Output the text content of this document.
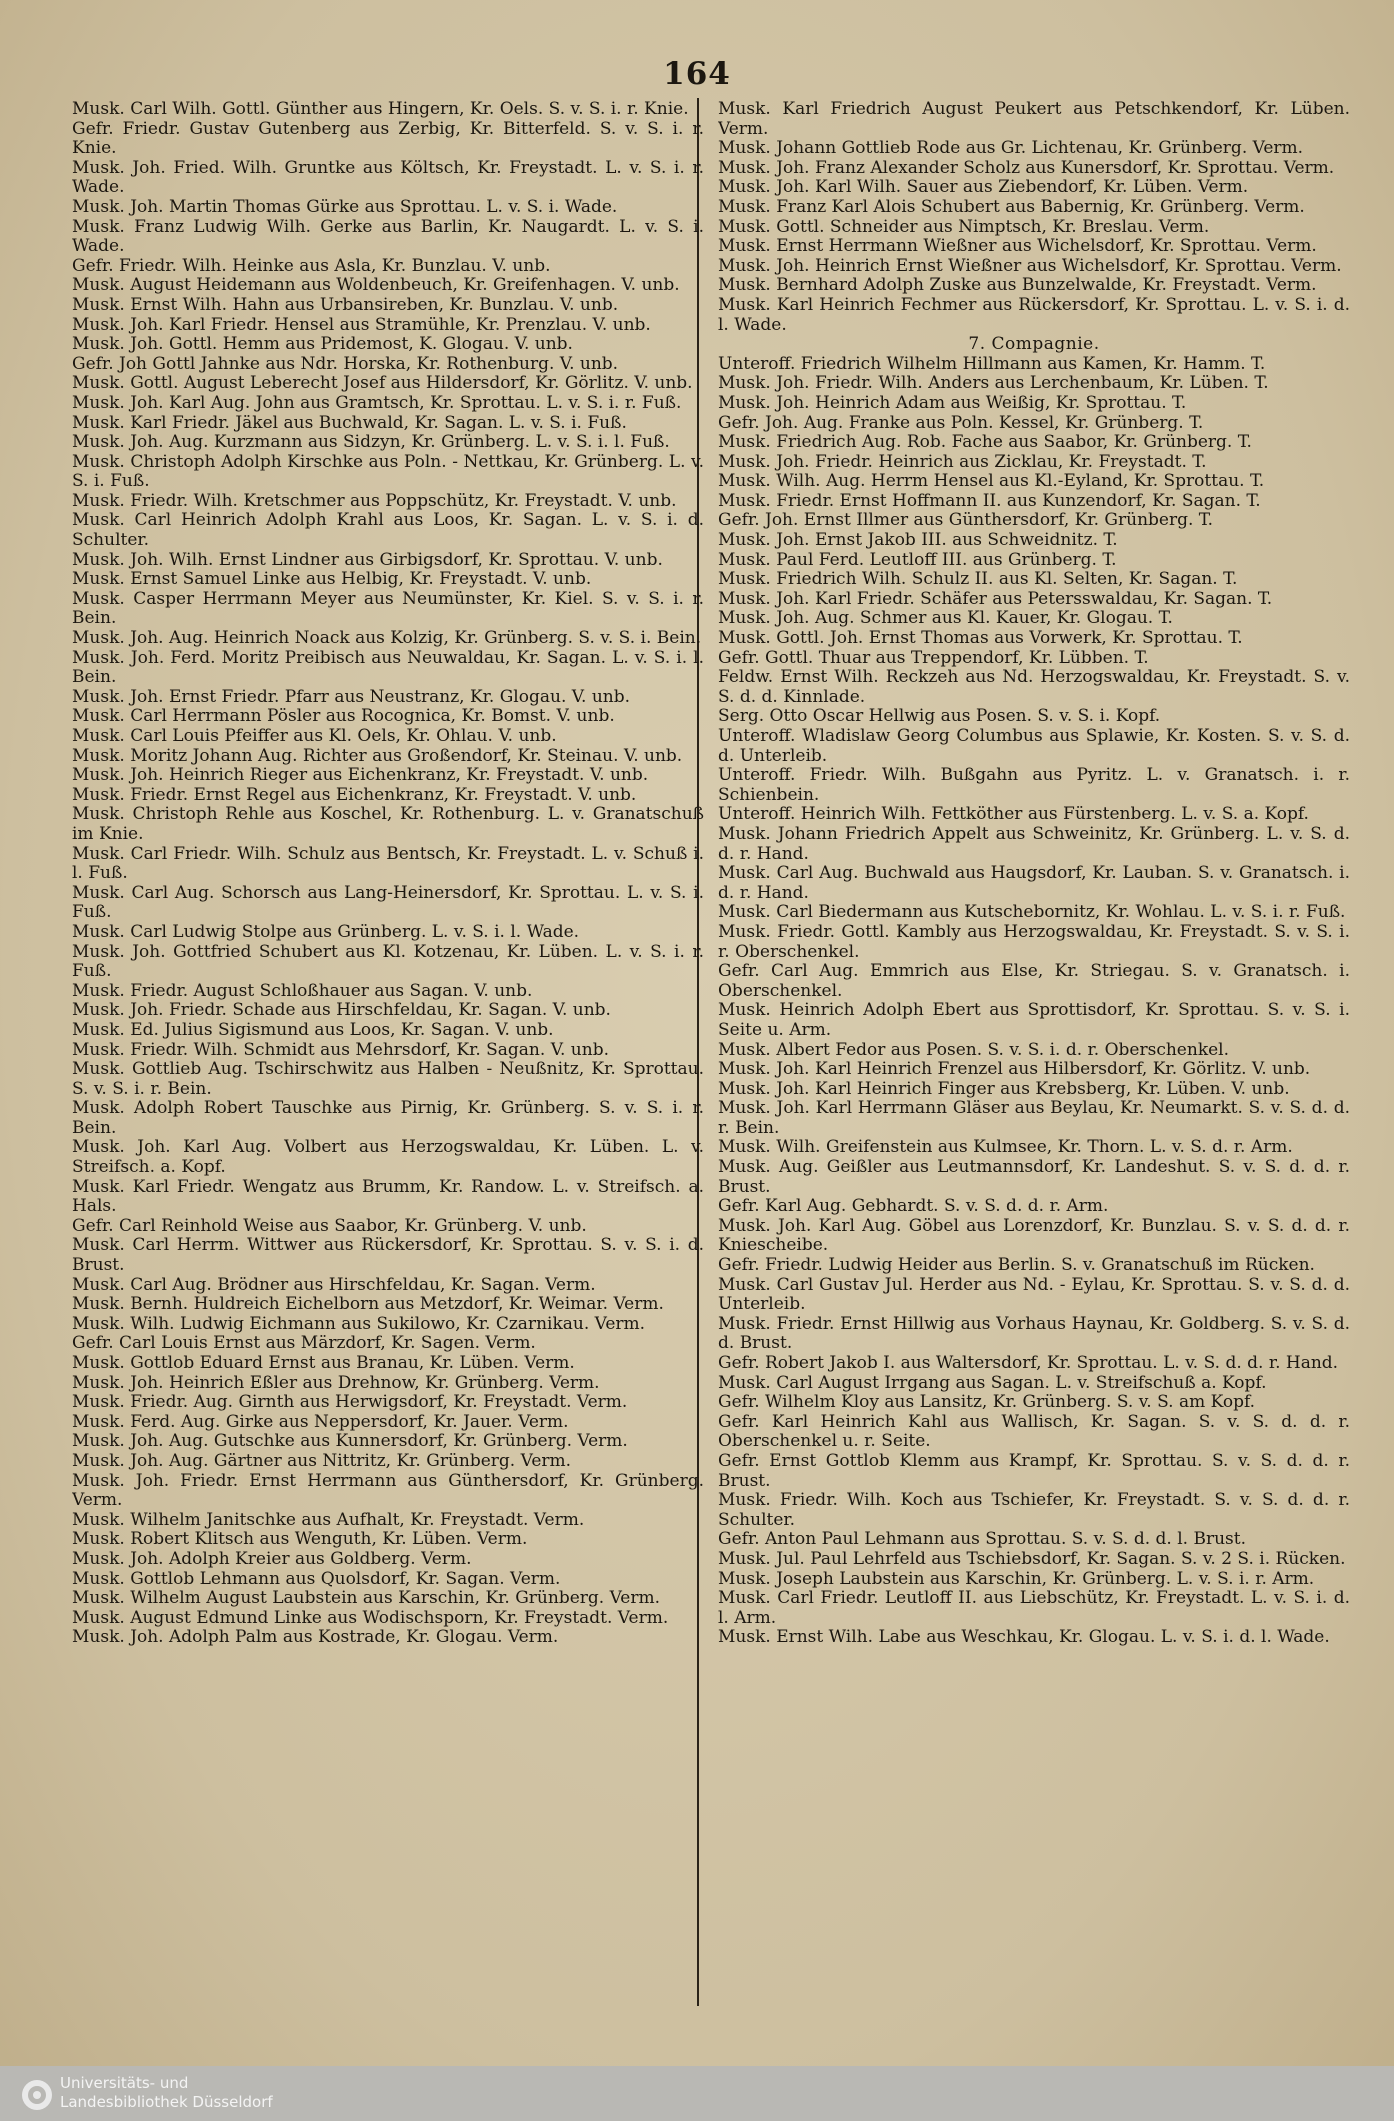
164
Musk. Carl Wilh. Gottl. Günther aus Hingern, Kr. Oels. S. v. S. i. r. Knie.
Gefr. Friedr. Gustav Gutenberg aus Zerbig, Kr. Bitterfeld. S. v. S. i. r. Knie.
Musk. Joh. Fried. Wilh. Gruntke aus Költsch, Kr. Freystadt. L. v. S. i. r. Wade.
Musk. Joh. Martin Thomas Gürke aus Sprottau. L. v. S. i. Wade.
Musk. Franz Ludwig Wilh. Gerke aus Barlin, Kr. Naugardt. L. v. S. i. Wade.
Gefr. Friedr. Wilh. Heinke aus Asla, Kr. Bunzlau. V. unb.
Musk. August Heidemann aus Woldenbeuch, Kr. Greifenhagen. V. unb.
Musk. Ernst Wilh. Hahn aus Urbansireben, Kr. Bunzlau. V. unb.
Musk. Joh. Karl Friedr. Hensel aus Stramühle, Kr. Prenzlau. V. unb.
Musk. Joh. Gottl. Hemm aus Pridemost, K. Glogau. V. unb.
Gefr. Joh Gottl Jahnke aus Ndr. Horska, Kr. Rothenburg. V. unb.
Musk. Gottl. August Leberecht Josef aus Hildersdorf, Kr. Görlitz. V. unb.
Musk. Joh. Karl Aug. John aus Gramtsch, Kr. Sprottau. L. v. S. i. r. Fuß.
Musk. Karl Friedr. Jäkel aus Buchwald, Kr. Sagan. L. v. S. i. Fuß.
Musk. Joh. Aug. Kurzmann aus Sidzyn, Kr. Grünberg. L. v. S. i. l. Fuß.
Musk. Christoph Adolph Kirschke aus Poln. - Nettkau, Kr. Grünberg. L. v. S. i. Fuß.
Musk. Friedr. Wilh. Kretschmer aus Poppschütz, Kr. Freystadt. V. unb.
Musk. Carl Heinrich Adolph Krahl aus Loos, Kr. Sagan. L. v. S. i. d. Schulter.
Musk. Joh. Wilh. Ernst Lindner aus Girbigsdorf, Kr. Sprottau. V. unb.
Musk. Ernst Samuel Linke aus Helbig, Kr. Freystadt. V. unb.
Musk. Casper Herrmann Meyer aus Neumünster, Kr. Kiel. S. v. S. i. r. Bein.
Musk. Joh. Aug. Heinrich Noack aus Kolzig, Kr. Grünberg. S. v. S. i. Bein.
Musk. Joh. Ferd. Moritz Preibisch aus Neuwaldau, Kr. Sagan. L. v. S. i. l. Bein.
Musk. Joh. Ernst Friedr. Pfarr aus Neustranz, Kr. Glogau. V. unb.
Musk. Carl Herrmann Pösler aus Rocognica, Kr. Bomst. V. unb.
Musk. Carl Louis Pfeiffer aus Kl. Oels, Kr. Ohlau. V. unb.
Musk. Moritz Johann Aug. Richter aus Großendorf, Kr. Steinau. V. unb.
Musk. Joh. Heinrich Rieger aus Eichenkranz, Kr. Freystadt. V. unb.
Musk. Friedr. Ernst Regel aus Eichenkranz, Kr. Freystadt. V. unb.
Musk. Christoph Rehle aus Koschel, Kr. Rothenburg. L. v. Granatschuß im Knie.
Musk. Carl Friedr. Wilh. Schulz aus Bentsch, Kr. Freystadt. L. v. Schuß i. l. Fuß.
Musk. Carl Aug. Schorsch aus Lang-Heinersdorf, Kr. Sprottau. L. v. S. i. Fuß.
Musk. Carl Ludwig Stolpe aus Grünberg. L. v. S. i. l. Wade.
Musk. Joh. Gottfried Schubert aus Kl. Kotzenau, Kr. Lüben. L. v. S. i. r. Fuß.
Musk. Friedr. August Schloßhauer aus Sagan. V. unb.
Musk. Joh. Friedr. Schade aus Hirschfeldau, Kr. Sagan. V. unb.
Musk. Ed. Julius Sigismund aus Loos, Kr. Sagan. V. unb.
Musk. Friedr. Wilh. Schmidt aus Mehrsdorf, Kr. Sagan. V. unb.
Musk. Gottlieb Aug. Tschirschwitz aus Halben - Neußnitz, Kr. Sprottau. S. v. S. i. r. Bein.
Musk. Adolph Robert Tauschke aus Pirnig, Kr. Grünberg. S. v. S. i. r. Bein.
Musk. Joh. Karl Aug. Volbert aus Herzogswaldau, Kr. Lüben. L. v. Streifsch. a. Kopf.
Musk. Karl Friedr. Wengatz aus Brumm, Kr. Randow. L. v. Streifsch. a. Hals.
Gefr. Carl Reinhold Weise aus Saabor, Kr. Grünberg. V. unb.
Musk. Carl Herrm. Wittwer aus Rückersdorf, Kr. Sprottau. S. v. S. i. d. Brust.
Musk. Carl Aug. Brödner aus Hirschfeldau, Kr. Sagan. Verm.
Musk. Bernh. Huldreich Eichelborn aus Metzdorf, Kr. Weimar. Verm.
Musk. Wilh. Ludwig Eichmann aus Sukilowo, Kr. Czarnikau. Verm.
Gefr. Carl Louis Ernst aus Märzdorf, Kr. Sagen. Verm.
Musk. Gottlob Eduard Ernst aus Branau, Kr. Lüben. Verm.
Musk. Joh. Heinrich Eßler aus Drehnow, Kr. Grünberg. Verm.
Musk. Friedr. Aug. Girnth aus Herwigsdorf, Kr. Freystadt. Verm.
Musk. Ferd. Aug. Girke aus Neppersdorf, Kr. Jauer. Verm.
Musk. Joh. Aug. Gutschke aus Kunnersdorf, Kr. Grünberg. Verm.
Musk. Joh. Aug. Gärtner aus Nittritz, Kr. Grünberg. Verm.
Musk. Joh. Friedr. Ernst Herrmann aus Günthersdorf, Kr. Grünberg. Verm.
Musk. Wilhelm Janitschke aus Aufhalt, Kr. Freystadt. Verm.
Musk. Robert Klitsch aus Wenguth, Kr. Lüben. Verm.
Musk. Joh. Adolph Kreier aus Goldberg. Verm.
Musk. Gottlob Lehmann aus Quolsdorf, Kr. Sagan. Verm.
Musk. Wilhelm August Laubstein aus Karschin, Kr. Grünberg. Verm.
Musk. August Edmund Linke aus Wodischsporn, Kr. Freystadt. Verm.
Musk. Joh. Adolph Palm aus Kostrade, Kr. Glogau. Verm.
Musk. Karl Friedrich August Peukert aus Petschkendorf, Kr. Lüben. Verm.
Musk. Johann Gottlieb Rode aus Gr. Lichtenau, Kr. Grünberg. Verm.
Musk. Joh. Franz Alexander Scholz aus Kunersdorf, Kr. Sprottau. Verm.
Musk. Joh. Karl Wilh. Sauer aus Ziebendorf, Kr. Lüben. Verm.
Musk. Franz Karl Alois Schubert aus Babernig, Kr. Grünberg. Verm.
Musk. Gottl. Schneider aus Nimptsch, Kr. Breslau. Verm.
Musk. Ernst Herrmann Wießner aus Wichelsdorf, Kr. Sprottau. Verm.
Musk. Joh. Heinrich Ernst Wießner aus Wichelsdorf, Kr. Sprottau. Verm.
Musk. Bernhard Adolph Zuske aus Bunzelwalde, Kr. Freystadt. Verm.
Musk. Karl Heinrich Fechmer aus Rückersdorf, Kr. Sprottau. L. v. S. i. d. l. Wade.
7. Compagnie.
Unteroff. Friedrich Wilhelm Hillmann aus Kamen, Kr. Hamm. T.
Musk. Joh. Friedr. Wilh. Anders aus Lerchenbaum, Kr. Lüben. T.
Musk. Joh. Heinrich Adam aus Weißig, Kr. Sprottau. T.
Gefr. Joh. Aug. Franke aus Poln. Kessel, Kr. Grünberg. T.
Musk. Friedrich Aug. Rob. Fache aus Saabor, Kr. Grünberg. T.
Musk. Joh. Friedr. Heinrich aus Zicklau, Kr. Freystadt. T.
Musk. Wilh. Aug. Herrm Hensel aus Kl.-Eyland, Kr. Sprottau. T.
Musk. Friedr. Ernst Hoffmann II. aus Kunzendorf, Kr. Sagan. T.
Gefr. Joh. Ernst Illmer aus Günthersdorf, Kr. Grünberg. T.
Musk. Joh. Ernst Jakob III. aus Schweidnitz. T.
Musk. Paul Ferd. Leutloff III. aus Grünberg. T.
Musk. Friedrich Wilh. Schulz II. aus Kl. Selten, Kr. Sagan. T.
Musk. Joh. Karl Friedr. Schäfer aus Petersswaldau, Kr. Sagan. T.
Musk. Joh. Aug. Schmer aus Kl. Kauer, Kr. Glogau. T.
Musk. Gottl. Joh. Ernst Thomas aus Vorwerk, Kr. Sprottau. T.
Gefr. Gottl. Thuar aus Treppendorf, Kr. Lübben. T.
Feldw. Ernst Wilh. Reckzeh aus Nd. Herzogswaldau, Kr. Freystadt. S. v. S. d. d. Kinnlade.
Serg. Otto Oscar Hellwig aus Posen. S. v. S. i. Kopf.
Unteroff. Wladislaw Georg Columbus aus Splawie, Kr. Kosten. S. v. S. d. d. Unterleib.
Unteroff. Friedr. Wilh. Bußgahn aus Pyritz. L. v. Granatsch. i. r. Schienbein.
Unteroff. Heinrich Wilh. Fettköther aus Fürstenberg. L. v. S. a. Kopf.
Musk. Johann Friedrich Appelt aus Schweinitz, Kr. Grünberg. L. v. S. d. d. r. Hand.
Musk. Carl Aug. Buchwald aus Haugsdorf, Kr. Lauban. S. v. Granatsch. i. d. r. Hand.
Musk. Carl Biedermann aus Kutschebornitz, Kr. Wohlau. L. v. S. i. r. Fuß.
Musk. Friedr. Gottl. Kambly aus Herzogswaldau, Kr. Freystadt. S. v. S. i. r. Oberschenkel.
Gefr. Carl Aug. Emmrich aus Else, Kr. Striegau. S. v. Granatsch. i. Oberschenkel.
Musk. Heinrich Adolph Ebert aus Sprottisdorf, Kr. Sprottau. S. v. S. i. Seite u. Arm.
Musk. Albert Fedor aus Posen. S. v. S. i. d. r. Oberschenkel.
Musk. Joh. Karl Heinrich Frenzel aus Hilbersdorf, Kr. Görlitz. V. unb.
Musk. Joh. Karl Heinrich Finger aus Krebsberg, Kr. Lüben. V. unb.
Musk. Joh. Karl Herrmann Gläser aus Beylau, Kr. Neumarkt. S. v. S. d. d. r. Bein.
Musk. Wilh. Greifenstein aus Kulmsee, Kr. Thorn. L. v. S. d. r. Arm.
Musk. Aug. Geißler aus Leutmannsdorf, Kr. Landeshut. S. v. S. d. d. r. Brust.
Gefr. Karl Aug. Gebhardt. S. v. S. d. d. r. Arm.
Musk. Joh. Karl Aug. Göbel aus Lorenzdorf, Kr. Bunzlau. S. v. S. d. d. r. Kniescheibe.
Gefr. Friedr. Ludwig Heider aus Berlin. S. v. Granatschuß im Rücken.
Musk. Carl Gustav Jul. Herder aus Nd. - Eylau, Kr. Sprottau. S. v. S. d. d. Unterleib.
Musk. Friedr. Ernst Hillwig aus Vorhaus Haynau, Kr. Goldberg. S. v. S. d. d. Brust.
Gefr. Robert Jakob I. aus Waltersdorf, Kr. Sprottau. L. v. S. d. d. r. Hand.
Musk. Carl August Irrgang aus Sagan. L. v. Streifschuß a. Kopf.
Gefr. Wilhelm Kloy aus Lansitz, Kr. Grünberg. S. v. S. am Kopf.
Gefr. Karl Heinrich Kahl aus Wallisch, Kr. Sagan. S. v. S. d. d. r. Oberschenkel u. r. Seite.
Gefr. Ernst Gottlob Klemm aus Krampf, Kr. Sprottau. S. v. S. d. d. r. Brust.
Musk. Friedr. Wilh. Koch aus Tschiefer, Kr. Freystadt. S. v. S. d. d. r. Schulter.
Gefr. Anton Paul Lehmann aus Sprottau. S. v. S. d. d. l. Brust.
Musk. Jul. Paul Lehrfeld aus Tschiebsdorf, Kr. Sagan. S. v. 2 S. i. Rücken.
Musk. Joseph Laubstein aus Karschin, Kr. Grünberg. L. v. S. i. r. Arm.
Musk. Carl Friedr. Leutloff II. aus Liebschütz, Kr. Freystadt. L. v. S. i. d. l. Arm.
Musk. Ernst Wilh. Labe aus Weschkau, Kr. Glogau. L. v. S. i. d. l. Wade.
Universitäts- und
Landesbibliothek Düsseldorf
